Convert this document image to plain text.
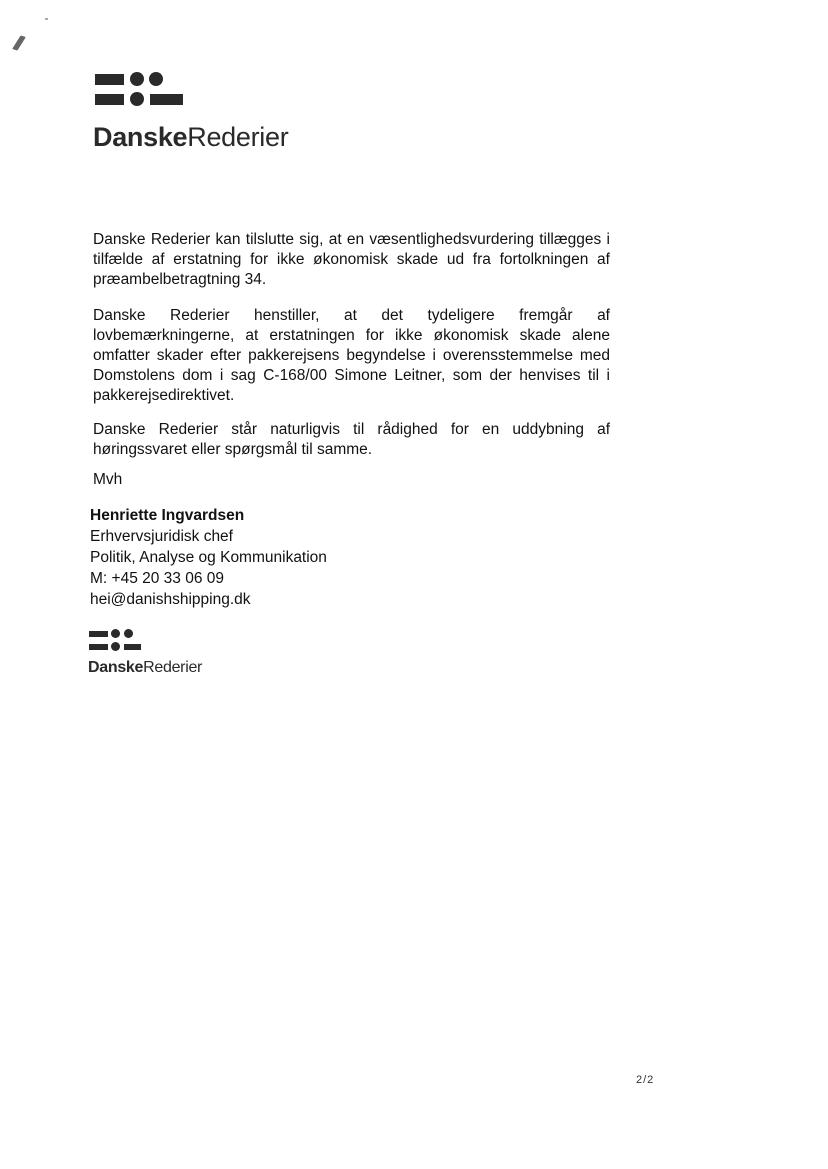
DanskeRederier

Danske Rederier kan tilslutte sig, at en væsentlighedsvurdering tillægges i tilfælde af erstatning for ikke økonomisk skade ud fra fortolkningen af præambelbetragtning 34.

Danske Rederier henstiller, at det tydeligere fremgår af lovbemærkningerne, at erstatningen for ikke økonomisk skade alene omfatter skader efter pakkerejsens begyndelse i overensstemmelse med Domstolens dom i sag C-168/00 Simone Leitner, som der henvises til i pakkerejsedirektivet.

Danske Rederier står naturligvis til rådighed for en uddybning af høringssvaret eller spørgsmål til samme.

Mvh

Henriette Ingvardsen
Erhvervsjuridisk chef
Politik, Analyse og Kommunikation
M: +45 20 33 06 09
hei@danishshipping.dk
DanskeRederier
2/2
